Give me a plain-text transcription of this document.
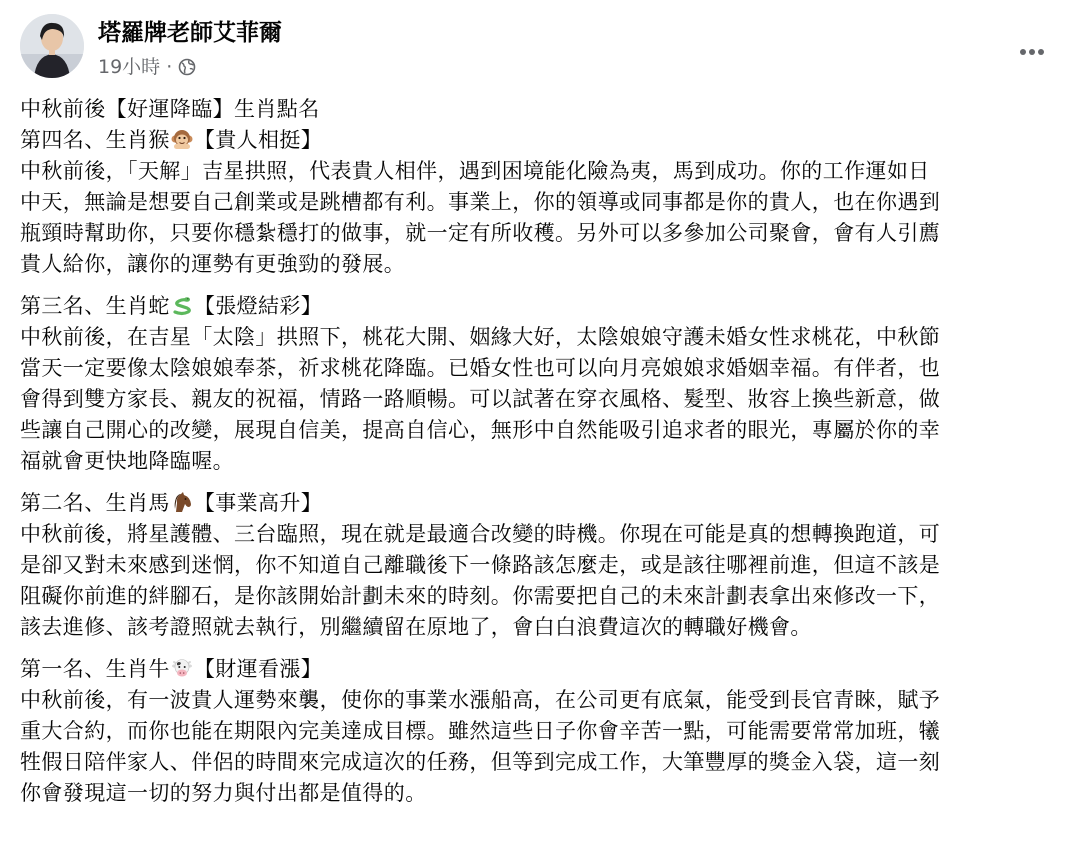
塔羅牌老師艾菲爾
19小時 ·

中秋前後【好運降臨】生肖點名

第四名、生肖猴 【貴人相挺】

中秋前後，「天解」吉星拱照，代表貴人相伴，遇到困境能化險為夷，馬到成功。你的工作運如日

中天，無論是想要自己創業或是跳槽都有利。事業上，你的領導或同事都是你的貴人，也在你遇到

瓶頸時幫助你，只要你穩紮穩打的做事，就一定有所收穫。另外可以多參加公司聚會，會有人引薦

貴人給你，讓你的運勢有更強勁的發展。

第三名、生肖蛇 【張燈結彩】

中秋前後，在吉星「太陰」拱照下，桃花大開、姻緣大好，太陰娘娘守護未婚女性求桃花，中秋節

當天一定要像太陰娘娘奉茶，祈求桃花降臨。已婚女性也可以向月亮娘娘求婚姻幸福。有伴者，也

會得到雙方家長、親友的祝福，情路一路順暢。可以試著在穿衣風格、髮型、妝容上換些新意，做

些讓自己開心的改變，展現自信美，提高自信心，無形中自然能吸引追求者的眼光，專屬於你的幸

福就會更快地降臨喔。

第二名、生肖馬 【事業高升】

中秋前後，將星護體、三台臨照，現在就是最適合改變的時機。你現在可能是真的想轉換跑道，可

是卻又對未來感到迷惘，你不知道自己離職後下一條路該怎麼走，或是該往哪裡前進，但這不該是

阻礙你前進的絆腳石，是你該開始計劃未來的時刻。你需要把自己的未來計劃表拿出來修改一下，

該去進修、該考證照就去執行，別繼續留在原地了，會白白浪費這次的轉職好機會。

第一名、生肖牛 【財運看漲】

中秋前後，有一波貴人運勢來襲，使你的事業水漲船高，在公司更有底氣，能受到長官青睞，賦予

重大合約，而你也能在期限內完美達成目標。雖然這些日子你會辛苦一點，可能需要常常加班，犧

牲假日陪伴家人、伴侶的時間來完成這次的任務，但等到完成工作，大筆豐厚的獎金入袋，這一刻

你會發現這一切的努力與付出都是值得的。
